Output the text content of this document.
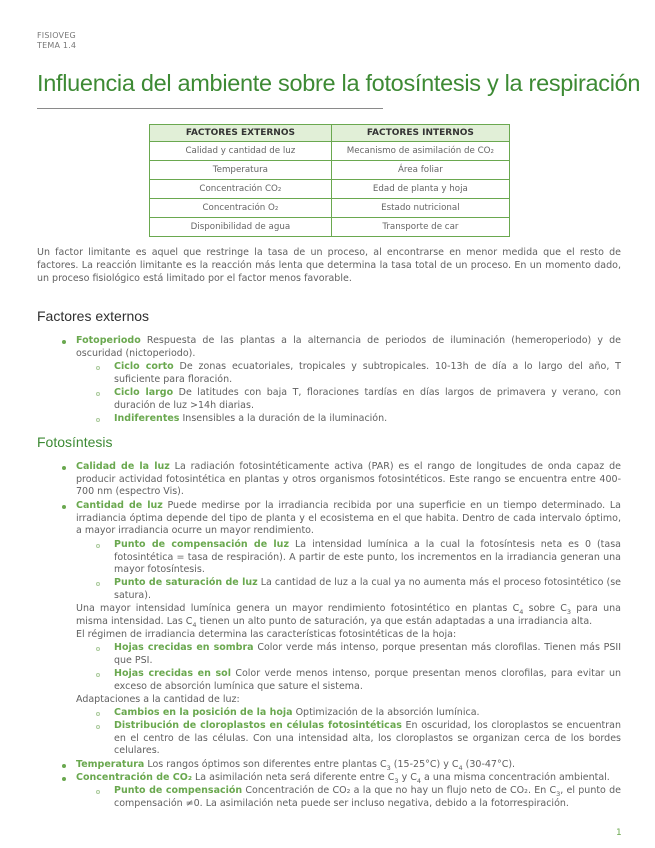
FISIOVEG
TEMA 1.4
Influencia del ambiente sobre la fotosíntesis y la respiración
FACTORES EXTERNOS	FACTORES INTERNOS
Calidad y cantidad de luz	Mecanismo de asimilación de CO₂
Temperatura	Área foliar
Concentración CO₂	Edad de planta y hoja
Concentración O₂	Estado nutricional
Disponibilidad de agua	Transporte de car
Un factor limitante es aquel que restringe la tasa de un proceso, al encontrarse en menor medida que el resto de factores. La reacción limitante es la reacción más lenta que determina la tasa total de un proceso. En un momento dado, un proceso fisiológico está limitado por el factor menos favorable.
Factores externos
Fotoperiodo Respuesta de las plantas a la alternancia de periodos de iluminación (hemeroperiodo) y de oscuridad (nictoperiodo).
Ciclo corto De zonas ecuatoriales, tropicales y subtropicales. 10-13h de día a lo largo del año, T suficiente para floración.
Ciclo largo De latitudes con baja T, floraciones tardías en días largos de primavera y verano, con duración de luz >14h diarias.
Indiferentes Insensibles a la duración de la iluminación.
Fotosíntesis
Calidad de la luz La radiación fotosintéticamente activa (PAR) es el rango de longitudes de onda capaz de producir actividad fotosintética en plantas y otros organismos fotosintéticos. Este rango se encuentra entre 400-700 nm (espectro Vis).
Cantidad de luz Puede medirse por la irradiancia recibida por una superficie en un tiempo determinado. La irradiancia óptima depende del tipo de planta y el ecosistema en el que habita. Dentro de cada intervalo óptimo, a mayor irradiancia ocurre un mayor rendimiento.
Punto de compensación de luz La intensidad lumínica a la cual la fotosíntesis neta es 0 (tasa fotosintética = tasa de respiración). A partir de este punto, los incrementos en la irradiancia generan una mayor fotosíntesis.
Punto de saturación de luz La cantidad de luz a la cual ya no aumenta más el proceso fotosintético (se satura).
Una mayor intensidad lumínica genera un mayor rendimiento fotosintético en plantas $C_4$ sobre $C_3$ para una misma intensidad. Las $C_4$ tienen un alto punto de saturación, ya que están adaptadas a una irradiancia alta.
El régimen de irradiancia determina las características fotosintéticas de la hoja:
Hojas crecidas en sombra Color verde más intenso, porque presentan más clorofilas. Tienen más PSII que PSI.
Hojas crecidas en sol Color verde menos intenso, porque presentan menos clorofilas, para evitar un exceso de absorción lumínica que sature el sistema.
Adaptaciones a la cantidad de luz:
Cambios en la posición de la hoja Optimización de la absorción lumínica.
Distribución de cloroplastos en células fotosintéticas En oscuridad, los cloroplastos se encuentran en el centro de las células. Con una intensidad alta, los cloroplastos se organizan cerca de los bordes celulares.
Temperatura Los rangos óptimos son diferentes entre plantas $C_3$ (15-25°C) y $C_4$ (30-47°C).
Concentración de CO₂ La asimilación neta será diferente entre $C_3$ y $C_4$ a una misma concentración ambiental.
Punto de compensación Concentración de CO₂ a la que no hay un flujo neto de CO₂. En $C_3$, el punto de compensación ≠0. La asimilación neta puede ser incluso negativa, debido a la fotorrespiración.
1
